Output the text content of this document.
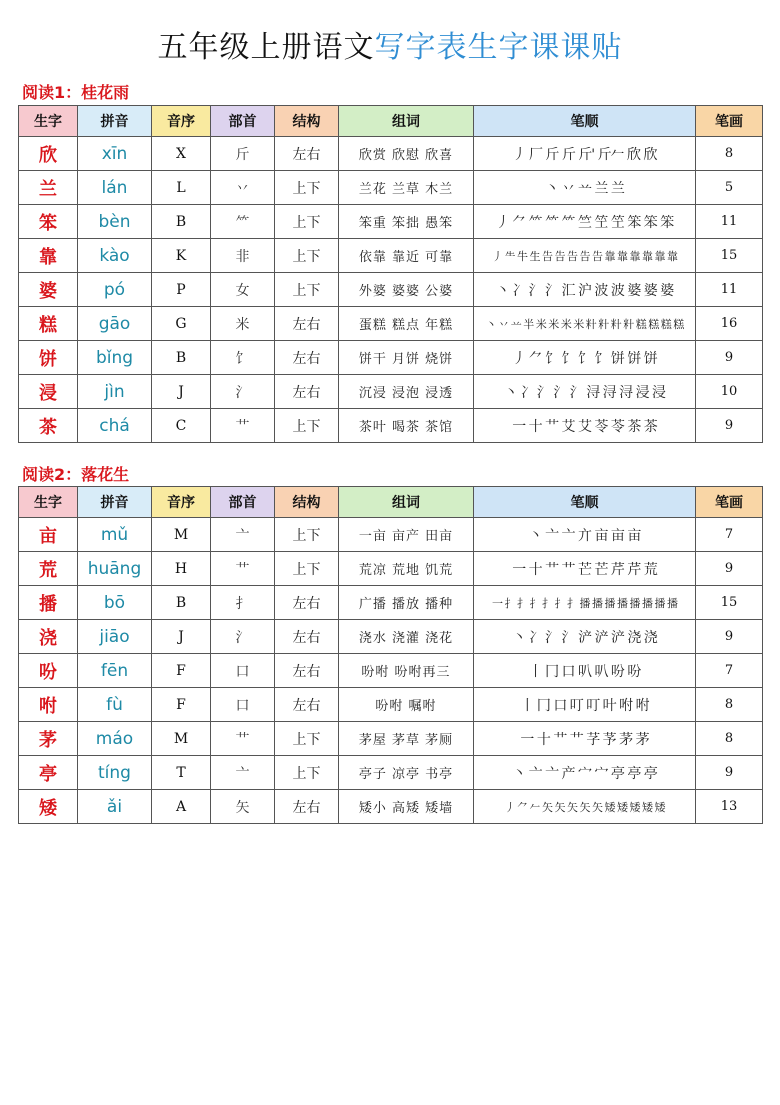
五年级上册语文写字表生字课课贴
阅读1：桂花雨
生字	拼音	音序	部首	结构	组词	笔顺	笔画
欣	xīn	X	斤	左右	欣赏 欣慰 欣喜	丿 厂 斤 斤 斤' 斤𠂉 欣 欣	8
兰	lán	L	丷	上下	兰花 兰草 木兰	丶 丷 䒑 兰 兰	5
笨	bèn	B	⺮	上下	笨重 笨拙 愚笨	丿 ⺈ ⺮ ⺮ ⺮ 竺 笁 笁 笨 笨 笨	11
靠	kào	K	非	上下	依靠 靠近 可靠	丿 ⺧ 牛 生 告 告 告 告 告 靠 靠 靠 靠 靠 靠	15
婆	pó	P	女	上下	外婆 婆婆 公婆	丶 冫 氵 氵 汇 沪 波 波 婆 婆 婆	11
糕	gāo	G	米	左右	蛋糕 糕点 年糕	丶 丷 䒑 半 米 米 米 米 籵 籵 籵 籵 糕 糕 糕 糕	16
饼	bǐng	B	饣	左右	饼干 月饼 烧饼	丿 ⺈ 饣 饣 饣 饣 饼 饼 饼	9
浸	jìn	J	氵	左右	沉浸 浸泡 浸透	丶 冫 氵 氵 氵 浔 浔 浔 浸 浸	10
茶	chá	C	艹	上下	茶叶 喝茶 茶馆	一 十 艹 艾 艾 苓 苓 茶 茶	9
阅读2：落花生
生字	拼音	音序	部首	结构	组词	笔顺	笔画
亩	mǔ	M	亠	上下	一亩 亩产 田亩	丶 亠 亠 亣 亩 亩 亩	7
荒	huāng	H	艹	上下	荒凉 荒地 饥荒	一 十 艹 艹 芒 芒 芹 芹 荒	9
播	bō	B	扌	左右	广播 播放 播种	一 扌 扌 扌 扌 扌 扌 播 播 播 播 播 播 播 播	15
浇	jiāo	J	氵	左右	浇水 浇灌 浇花	丶 冫 氵 氵 浐 浐 浐 浇 浇	9
吩	fēn	F	口	左右	吩咐 吩咐再三	丨 冂 口 叭 叭 吩 吩	7
咐	fù	F	口	左右	吩咐 嘱咐	丨 冂 口 叮 叮 叶 咐 咐	8
茅	máo	M	艹	上下	茅屋 茅草 茅厕	一 十 艹 艹 芓 芧 茅 茅	8
亭	tíng	T	亠	上下	亭子 凉亭 书亭	丶 亠 亠 产 宀 宀 亭 亭 亭	9
矮	ǎi	A	矢	左右	矮小 高矮 矮墙	丿 ⺈ 𠂉 矢 矢 矢 矢 矢 矮 矮 矮 矮 矮	13
